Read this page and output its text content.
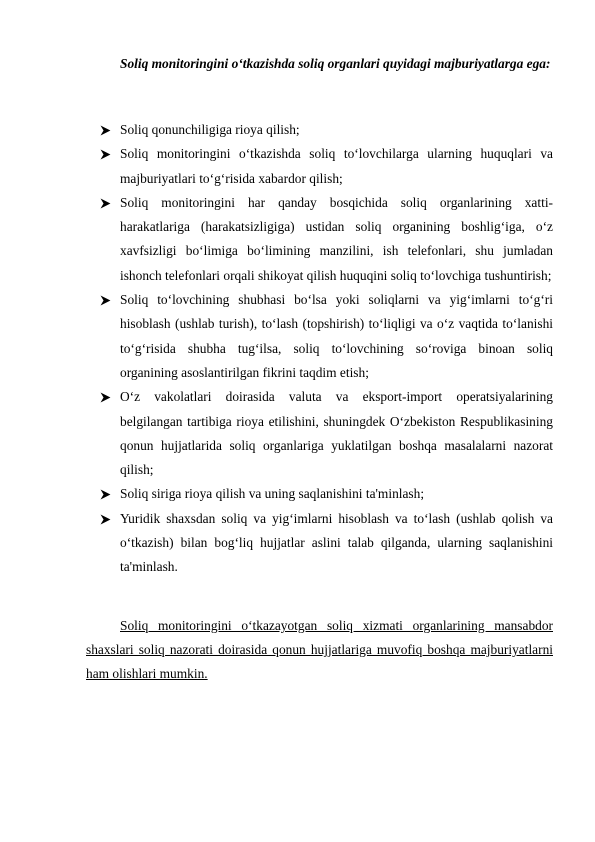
Soliq monitoringini o‘tkazishda soliq organlari quyidagi majburiyatlarga ega:

Soliq qonunchiligiga rioya qilish;
Soliq monitoringini o‘tkazishda soliq to‘lovchilarga ularning huquqlari va majburiyatlari to‘g‘risida xabardor qilish;
Soliq monitoringini har qanday bosqichida soliq organlarining xatti-harakatlariga (harakatsizligiga) ustidan soliq organining boshlig‘iga, o‘z xavfsizligi bo‘limiga bo‘limining manzilini, ish telefonlari, shu jumladan ishonch telefonlari orqali shikoyat qilish huquqini soliq to‘lovchiga tushuntirish;
Soliq to‘lovchining shubhasi bo‘lsa yoki soliqlarni va yig‘imlarni to‘g‘ri hisoblash (ushlab turish), to‘lash (topshirish) to‘liqligi va o‘z vaqtida to‘lanishi to‘g‘risida shubha tug‘ilsa, soliq to‘lovchining so‘roviga binoan soliq organining asoslantirilgan fikrini taqdim etish;
O‘z vakolatlari doirasida valuta va eksport-import operatsiyalarining belgilangan tartibiga rioya etilishini, shuningdek O‘zbekiston Respublikasining qonun hujjatlarida soliq organlariga yuklatilgan boshqa masalalarni nazorat qilish;
Soliq siriga rioya qilish va uning saqlanishini ta'minlash;
Yuridik shaxsdan soliq va yig‘imlarni hisoblash va to‘lash (ushlab qolish va o‘tkazish) bilan bog‘liq hujjatlar aslini talab qilganda, ularning saqlanishini ta'minlash.

Soliq monitoringini o‘tkazayotgan soliq xizmati organlarining mansabdor shaxslari soliq nazorati doirasida qonun hujjatlariga muvofiq boshqa majburiyatlarni ham olishlari mumkin.
